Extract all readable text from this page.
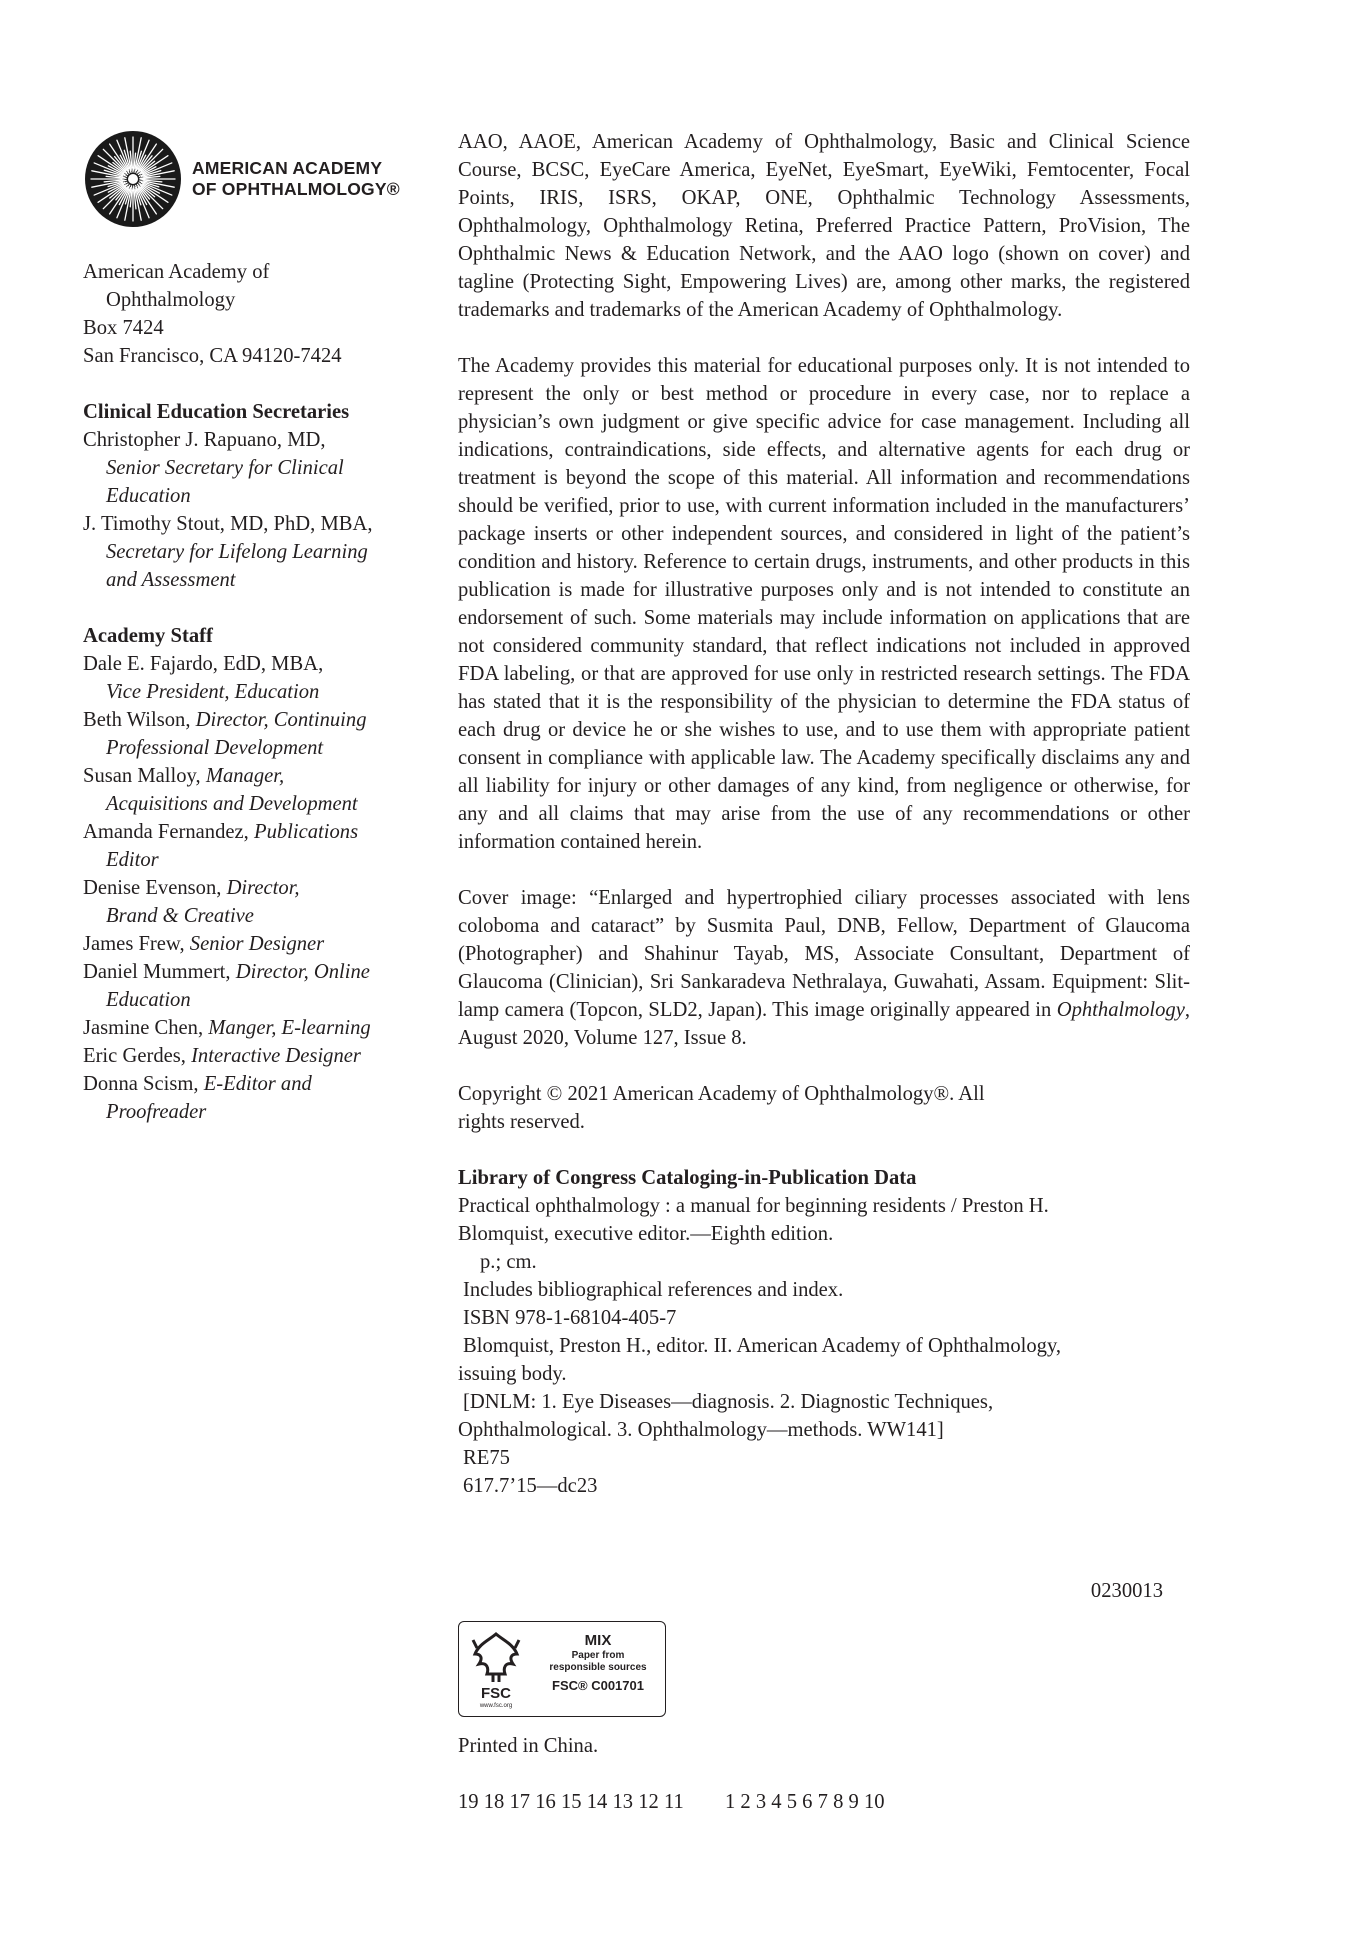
AMERICAN ACADEMY
OF OPHTHALMOLOGY®
American Academy of
Ophthalmology
Box 7424
San Francisco, CA 94120-7424
Clinical Education Secretaries
Christopher J. Rapuano, MD,
Senior Secretary for Clinical
Education
J. Timothy Stout, MD, PhD, MBA,
Secretary for Lifelong Learning
and Assessment
Academy Staff
Dale E. Fajardo, EdD, MBA,
Vice President, Education
Beth Wilson, Director, Continuing
Professional Development
Susan Malloy, Manager,
Acquisitions and Development
Amanda Fernandez, Publications
Editor
Denise Evenson, Director,
Brand & Creative
James Frew, Senior Designer
Daniel Mummert, Director, Online
Education
Jasmine Chen, Manger, E-learning
Eric Gerdes, Interactive Designer
Donna Scism, E-Editor and
Proofreader

AAO, AAOE, American Academy of Ophthalmology, Basic and Clinical Science Course, BCSC, EyeCare America, EyeNet, EyeSmart, EyeWiki, Femtocenter, Focal Points, IRIS, ISRS, OKAP, ONE, Ophthalmic Technology Assessments, Ophthalmology, Ophthalmology Retina, Preferred Practice Pattern, ProVision, The Ophthalmic News & Education Network, and the AAO logo (shown on cover) and tagline (Protecting Sight, Empowering Lives) are, among other marks, the registered trademarks and trademarks of the American Academy of Ophthalmology.

The Academy provides this material for educational purposes only. It is not intended to represent the only or best method or procedure in every case, nor to replace a physician’s own judgment or give specific advice for case management. Including all indications, contraindications, side effects, and alternative agents for each drug or treatment is beyond the scope of this material. All information and recommendations should be verified, prior to use, with current information included in the manufacturers’ package inserts or other independent sources, and considered in light of the patient’s condition and history. Reference to certain drugs, instruments, and other products in this publication is made for illustrative purposes only and is not intended to constitute an endorsement of such. Some materials may include information on applications that are not considered community standard, that reflect indications not included in approved FDA labeling, or that are approved for use only in restricted research settings. The FDA has stated that it is the responsibility of the physician to determine the FDA status of each drug or device he or she wishes to use, and to use them with appropriate patient consent in compliance with applicable law. The Academy specifically disclaims any and all liability for injury or other damages of any kind, from negligence or otherwise, for any and all claims that may arise from the use of any recommendations or other information contained herein.

Cover image: “Enlarged and hypertrophied ciliary processes associated with lens coloboma and cataract” by Susmita Paul, DNB, Fellow, Department of Glaucoma (Photographer) and Shahinur Tayab, MS, Associate Consultant, Department of Glaucoma (Clinician), Sri Sankaradeva Nethralaya, Guwahati, Assam. Equipment: Slit-lamp camera (Topcon, SLD2, Japan). This image originally appeared in Ophthalmology, August 2020, Volume 127, Issue 8.

Copyright © 2021 American Academy of Ophthalmology®. All rights reserved.

Library of Congress Cataloging-in-Publication Data
Practical ophthalmology : a manual for beginning residents / Preston H.
Blomquist, executive editor.—Eighth edition.
p.; cm.
Includes bibliographical references and index.
ISBN 978-1-68104-405-7
Blomquist, Preston H., editor. II. American Academy of Ophthalmology,
issuing body.
[DNLM: 1. Eye Diseases—diagnosis. 2. Diagnostic Techniques,
Ophthalmological. 3. Ophthalmology—methods. WW141]
RE75
617.7’15—dc23
0230013
FSC
www.fsc.org
MIX
Paper from
responsible sources
FSC® C001701
Printed in China.
19 18 17 16 15 14 13 12 11        1 2 3 4 5 6 7 8 9 10
